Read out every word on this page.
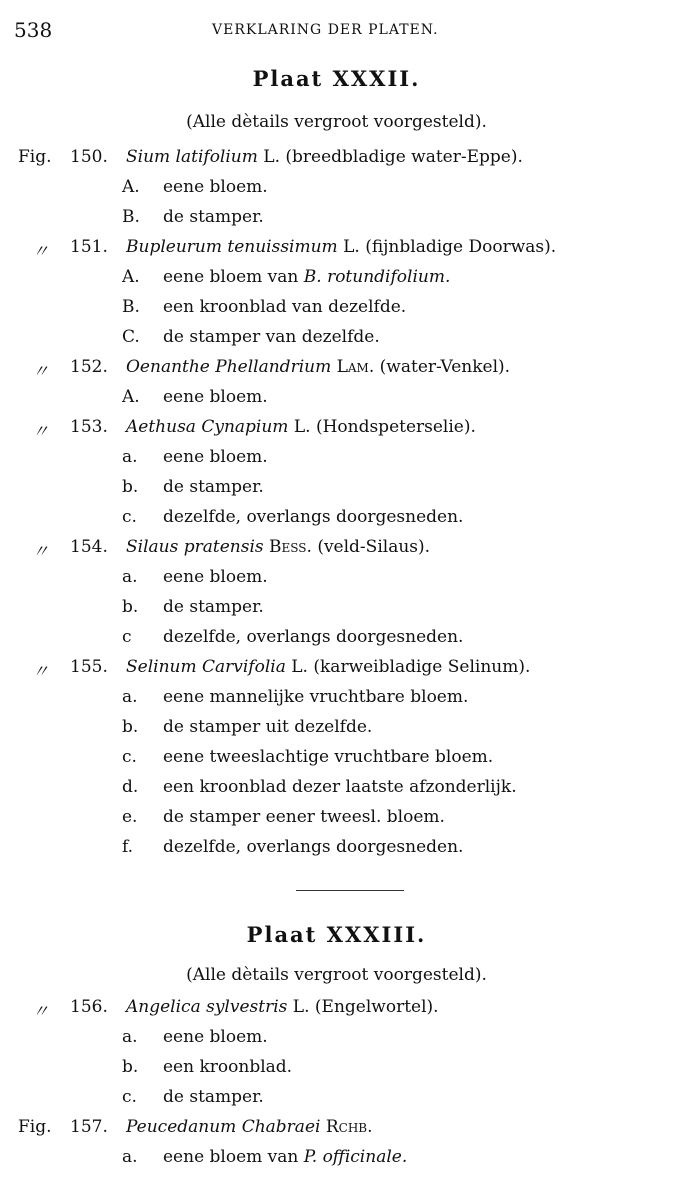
538	VERKLARING DER PLATEN.
Plaat XXXII.
(Alle dètails vergroot voorgesteld).
Fig. 150. Sium latifolium L. (breedbladige water-Eppe).
A. eene bloem.
B. de stamper.
〃 151. Bupleurum tenuissimum L. (fijnbladige Doorwas).
A. eene bloem van B. rotundifolium.
B. een kroonblad van dezelfde.
C. de stamper van dezelfde.
〃 152. Oenanthe Phellandrium Lam. (water-Venkel).
A. eene bloem.
〃 153. Aethusa Cynapium L. (Hondspeterselie).
a. eene bloem.
b. de stamper.
c. dezelfde, overlangs doorgesneden.
〃 154. Silaus pratensis Bess. (veld-Silaus).
a. eene bloem.
b. de stamper.
c dezelfde, overlangs doorgesneden.
〃 155. Selinum Carvifolia L. (karweibladige Selinum).
a. eene mannelijke vruchtbare bloem.
b. de stamper uit dezelfde.
c. eene tweeslachtige vruchtbare bloem.
d. een kroonblad dezer laatste afzonderlijk.
e. de stamper eener tweesl. bloem.
f. dezelfde, overlangs doorgesneden.
Plaat XXXIII.
(Alle dètails vergroot voorgesteld).
〃 156. Angelica sylvestris L. (Engelwortel).
a. eene bloem.
b. een kroonblad.
c. de stamper.
Fig. 157. Peucedanum Chabraei Rchb.
a. eene bloem van P. officinale.
